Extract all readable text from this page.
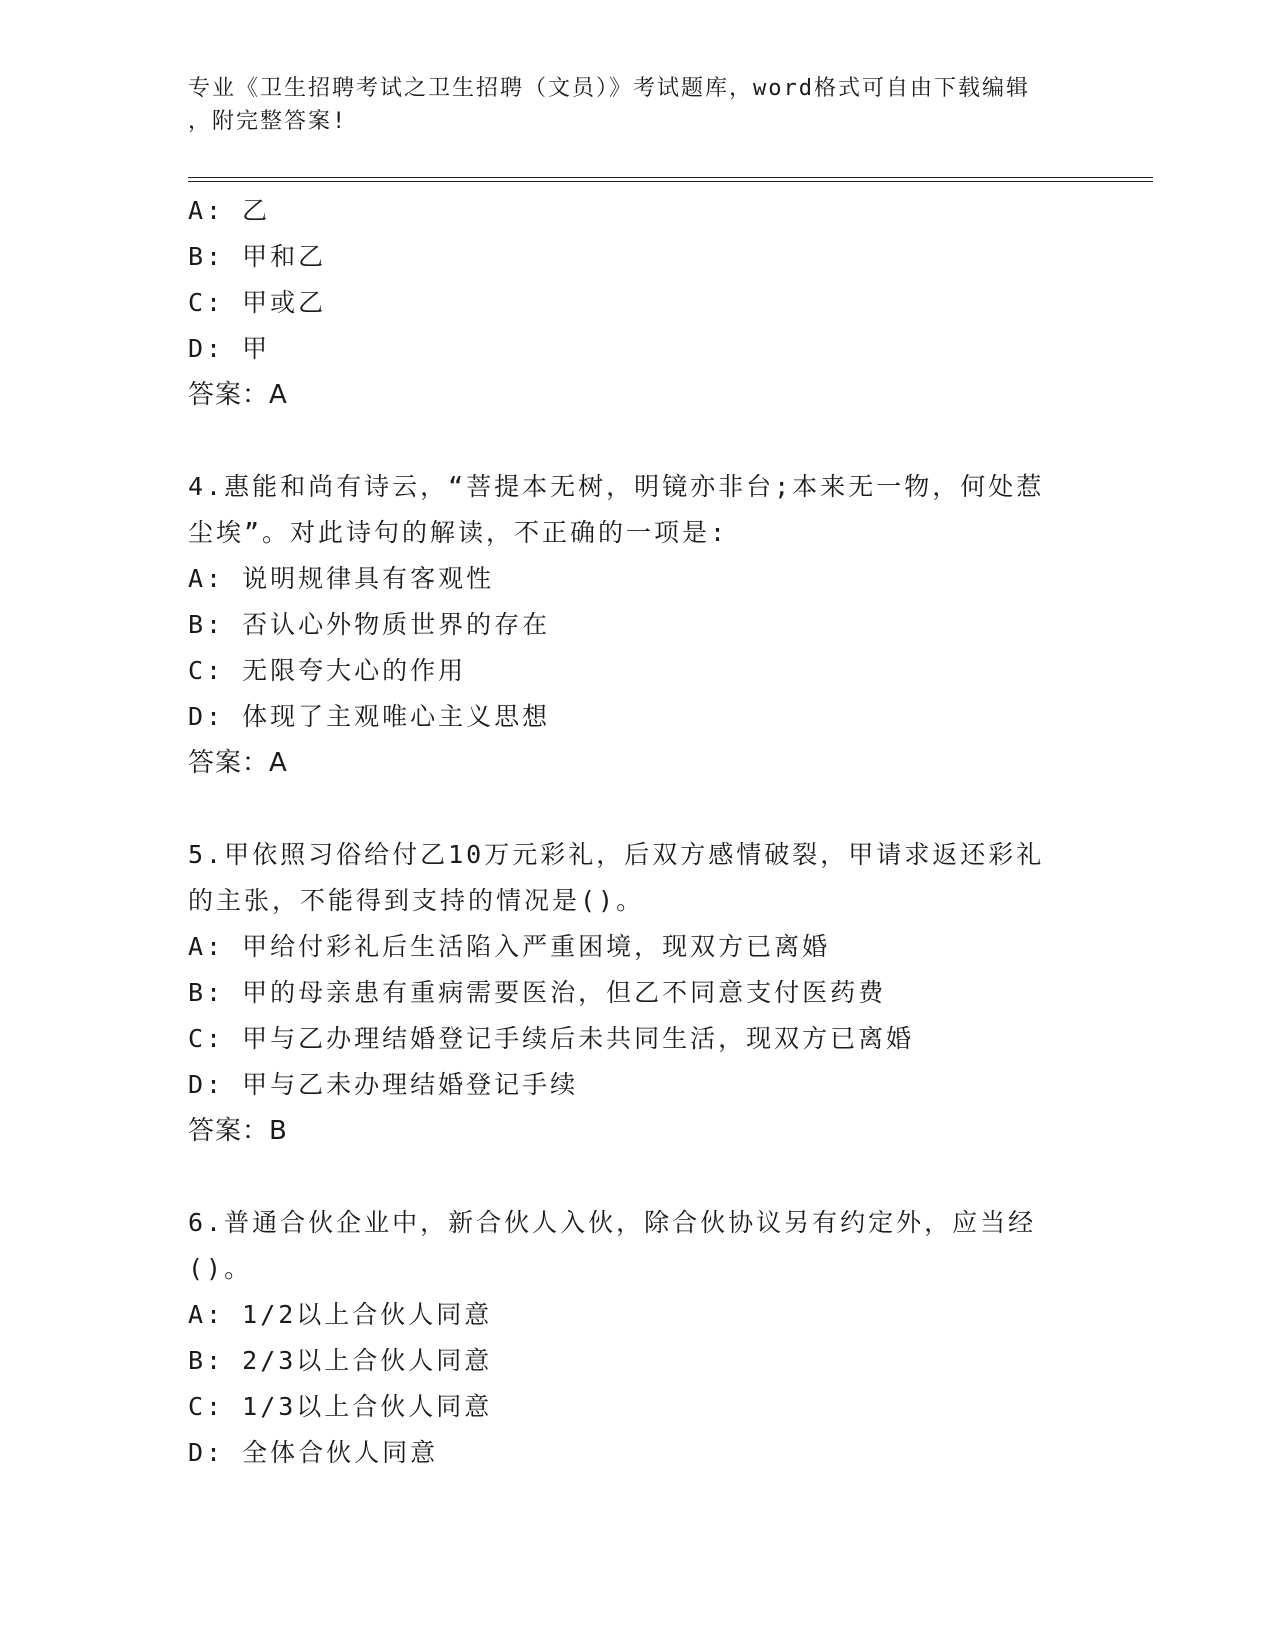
专业《卫生招聘考试之卫生招聘（文员）》考试题库，word格式可自由下载编辑
，附完整答案!
A: 乙
B: 甲和乙
C: 甲或乙
D: 甲
答案：A
4.惠能和尚有诗云，“菩提本无树，明镜亦非台;本来无一物，何处惹
尘埃”。对此诗句的解读，不正确的一项是:
A: 说明规律具有客观性
B: 否认心外物质世界的存在
C: 无限夸大心的作用
D: 体现了主观唯心主义思想
答案：A
5.甲依照习俗给付乙10万元彩礼，后双方感情破裂，甲请求返还彩礼
的主张，不能得到支持的情况是()。
A: 甲给付彩礼后生活陷入严重困境，现双方已离婚
B: 甲的母亲患有重病需要医治，但乙不同意支付医药费
C: 甲与乙办理结婚登记手续后未共同生活，现双方已离婚
D: 甲与乙未办理结婚登记手续
答案：B
6.普通合伙企业中，新合伙人入伙，除合伙协议另有约定外，应当经
()。
A: 1/2以上合伙人同意
B: 2/3以上合伙人同意
C: 1/3以上合伙人同意
D: 全体合伙人同意
